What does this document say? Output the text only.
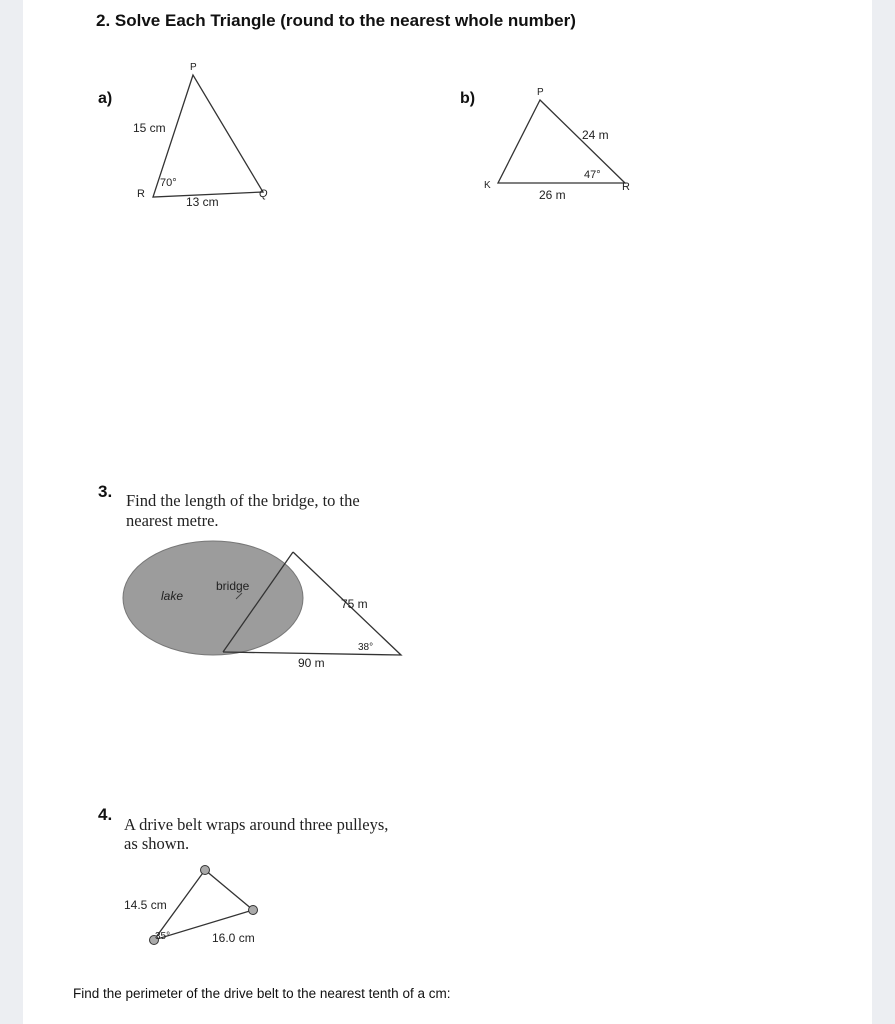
2. Solve Each Triangle (round to the nearest whole number)
a)
P
R	Q
15 cm
13 cm
70°
b)	P
K	R
24 m
26 m
47°
3. Find the length of the bridge, to the
nearest metre.
lake
bridge
75 m
90 m
38°
4.
A drive belt wraps around three pulleys,
as shown.
14.5 cm
16.0 cm
35°
Find the perimeter of the drive belt to the nearest tenth of a cm:
